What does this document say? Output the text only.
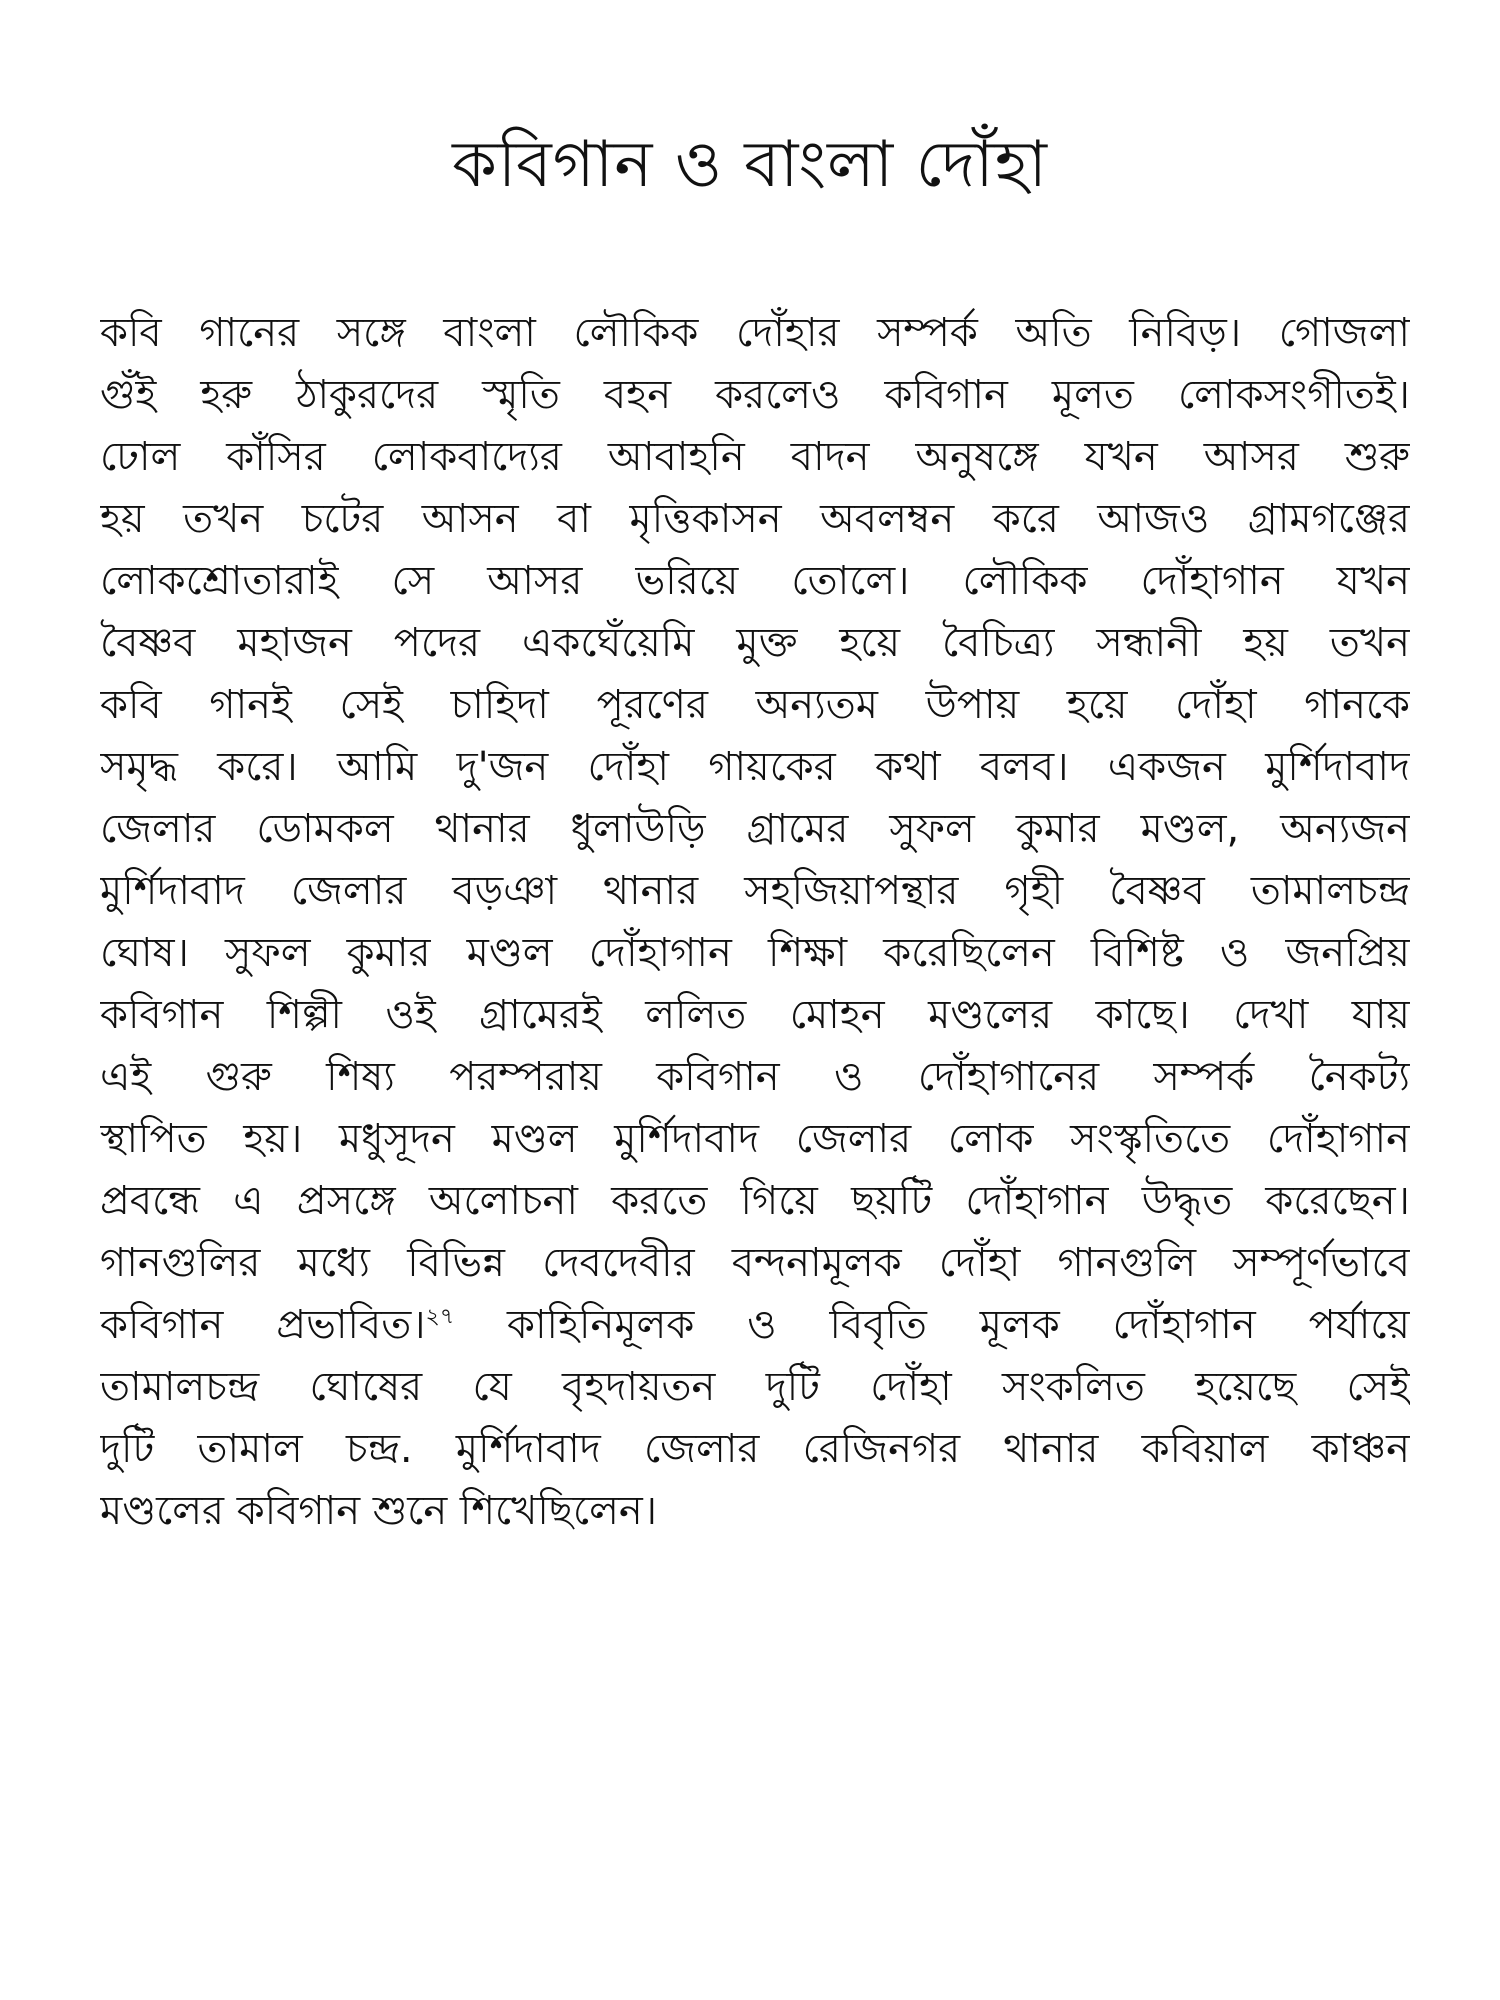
কবিগান ও বাংলা দোঁহা
কবি গানের সঙ্গে বাংলা লৌকিক দোঁহার সম্পর্ক অতি নিবিড়। গোজলা
গুঁই হরু ঠাকুরদের স্মৃতি বহন করলেও কবিগান মূলত লোকসংগীতই।
ঢোল কাঁসির লোকবাদ্যের আবাহনি বাদন অনুষঙ্গে যখন আসর শুরু
হয় তখন চটের আসন বা মৃত্তিকাসন অবলম্বন করে আজও গ্রামগঞ্জের
লোকশ্রোতারাই সে আসর ভরিয়ে তোলে। লৌকিক দোঁহাগান যখন
বৈষ্ণব মহাজন পদের একঘেঁয়েমি মুক্ত হয়ে বৈচিত্র্য সন্ধানী হয় তখন
কবি গানই সেই চাহিদা পূরণের অন্যতম উপায় হয়ে দোঁহা গানকে
সমৃদ্ধ করে। আমি দু'জন দোঁহা গায়কের কথা বলব। একজন মুর্শিদাবাদ
জেলার ডোমকল থানার ধুলাউড়ি গ্রামের সুফল কুমার মণ্ডল, অন্যজন
মুর্শিদাবাদ জেলার বড়ঞা থানার সহজিয়াপন্থার গৃহী বৈষ্ণব তামালচন্দ্র
ঘোষ। সুফল কুমার মণ্ডল দোঁহাগান শিক্ষা করেছিলেন বিশিষ্ট ও জনপ্রিয়
কবিগান শিল্পী ওই গ্রামেরই ললিত মোহন মণ্ডলের কাছে। দেখা যায়
এই গুরু শিষ্য পরম্পরায় কবিগান ও দোঁহাগানের সম্পর্ক নৈকট্য
স্থাপিত হয়। মধুসূদন মণ্ডল মুর্শিদাবাদ জেলার লোক সংস্কৃতিতে দোঁহাগান
প্রবন্ধে এ প্রসঙ্গে অলোচনা করতে গিয়ে ছয়টি দোঁহাগান উদ্ধৃত করেছেন।
গানগুলির মধ্যে বিভিন্ন দেবদেবীর বন্দনামূলক দোঁহা গানগুলি সম্পূর্ণভাবে
কবিগান প্রভাবিত।$^{২৭}$ কাহিনিমূলক ও বিবৃতি মূলক দোঁহাগান পর্যায়ে
তামালচন্দ্র ঘোষের যে বৃহদায়তন দুটি দোঁহা সংকলিত হয়েছে সেই
দুটি তামাল চন্দ্র. মুর্শিদাবাদ জেলার রেজিনগর থানার কবিয়াল কাঞ্চন
মণ্ডলের কবিগান শুনে শিখেছিলেন।
